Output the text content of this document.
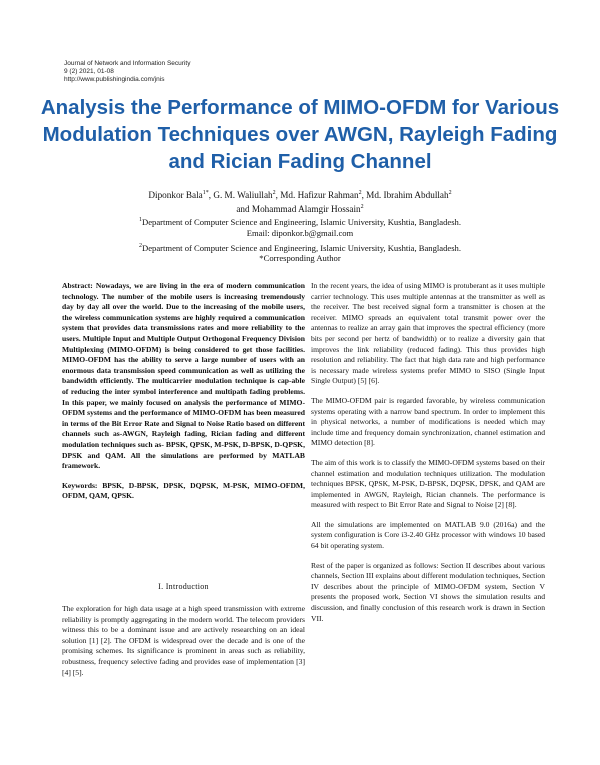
Journal of Network and Information Security
9 (2) 2021, 01-08
http://www.publishingindia.com/jnis
Analysis the Performance of MIMO-OFDM for Various Modulation Techniques over AWGN, Rayleigh Fading and Rician Fading Channel
Diponkor Bala$^{1*}$, G. M. Waliullah$^2$, Md. Hafizur Rahman$^2$, Md. Ibrahim Abdullah$^2$
and Mohammad Alamgir Hossain$^2$
$^1$Department of Computer Science and Engineering, Islamic University, Kushtia, Bangladesh.
Email: diponkor.b@gmail.com
$^2$Department of Computer Science and Engineering, Islamic University, Kushtia, Bangladesh.
*Corresponding Author

Abstract: Nowadays, we are living in the era of modern communication technology. The number of the mobile users is increasing tremendously day by day all over the world. Due to the increasing of the mobile users, the wireless communication systems are highly required a communication system that provides data transmissions rates and more reliability to the users. Multiple Input and Multiple Output Orthogonal Frequency Division Multiplexing (MIMO-OFDM) is being considered to get those facilities. MIMO-OFDM has the ability to serve a large number of users with an enormous data transmission speed communication as well as utilizing the bandwidth efficiently. The multicarrier modulation technique is cap-able of reducing the inter symbol interference and multipath fading problems. In this paper, we mainly focused on analysis the performance of MIMO-OFDM systems and the performance of MIMO-OFDM has been measured in terms of the Bit Error Rate and Signal to Noise Ratio based on different channels such as-AWGN, Rayleigh fading, Rician fading and different modulation techniques such as- BPSK, QPSK, M-PSK, D-BPSK, D-QPSK, DPSK and QAM. All the simulations are performed by MATLAB framework.

Keywords: BPSK, D-BPSK, DPSK, DQPSK, M-PSK, MIMO-OFDM, OFDM, QAM, QPSK.

I. Introduction

The exploration for high data usage at a high speed transmission with extreme reliability is promptly aggregating in the modern world. The telecom providers witness this to be a dominant issue and are actively researching on an ideal solution [1] [2]. The OFDM is widespread over the decade and is one of the promising schemes. Its significance is prominent in areas such as reliability, robustness, frequency selective fading and provides ease of implementation [3] [4] [5].

In the recent years, the idea of using MIMO is protuberant as it uses multiple carrier technology. This uses multiple antennas at the transmitter as well as the receiver. The best received signal form a transmitter is chosen at the receiver. MIMO spreads an equivalent total transmit power over the antennas to realize an array gain that improves the spectral efficiency (more bits per second per hertz of bandwidth) or to realize a diversity gain that improves the link reliability (reduced fading). This thus provides high resolution and reliability. The fact that high data rate and high performance is necessary made wireless systems prefer MIMO to SISO (Single Input Single Output) [5] [6].

The MIMO-OFDM pair is regarded favorable, by wireless communication systems operating with a narrow band spectrum. In order to implement this in physical networks, a number of modifications is needed which may include time and frequency domain synchronization, channel estimation and MIMO detection [8].

The aim of this work is to classify the MIMO-OFDM systems based on their channel estimation and modulation techniques utilization. The modulation techniques BPSK, QPSK, M-PSK, D-BPSK, DQPSK, DPSK, and QAM are implemented in AWGN, Rayleigh, Rician channels. The performance is measured with respect to Bit Error Rate and Signal to Noise [2] [8].

All the simulations are implemented on MATLAB 9.0 (2016a) and the system configuration is Core i3-2.40 GHz processor with windows 10 based 64 bit operating system.

Rest of the paper is organized as follows: Section II describes about various channels, Section III explains about different modulation techniques, Section IV describes about the principle of MIMO-OFDM system, Section V presents the proposed work, Section VI shows the simulation results and discussion, and finally conclusion of this research work is drawn in Section VII.
